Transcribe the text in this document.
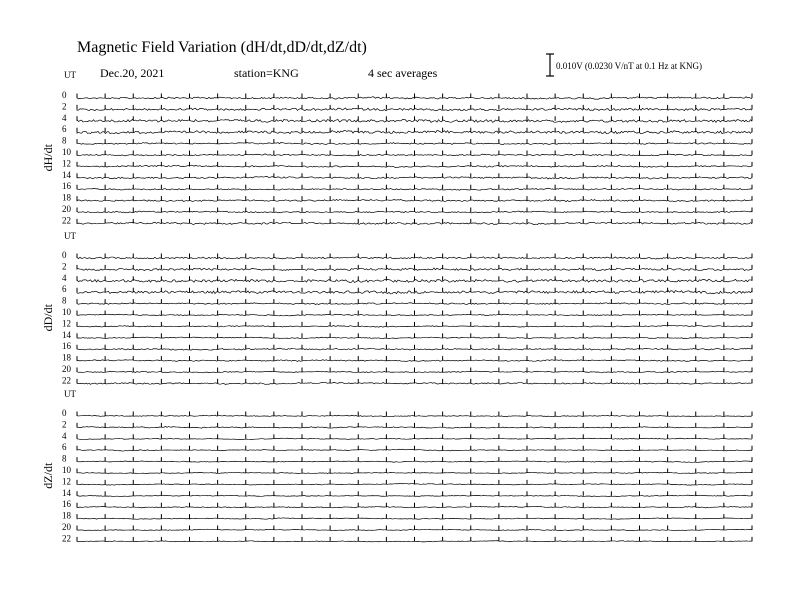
Magnetic Field Variation (dH/dt,dD/dt,dZ/dt)
Dec.20, 2021	station=KNG	4 sec averages	0.010V (0.0230 V/nT at 0.1 Hz at KNG)
UT
dH/dt
0
2
4
6
8
10
12
14
16
18
20
22
UT
dD/dt
0
2
4
6
8
10
12
14
16
18
20
22
UT
dZ/dt
0
2
4
6
8
10
12
14
16
18
20
22
